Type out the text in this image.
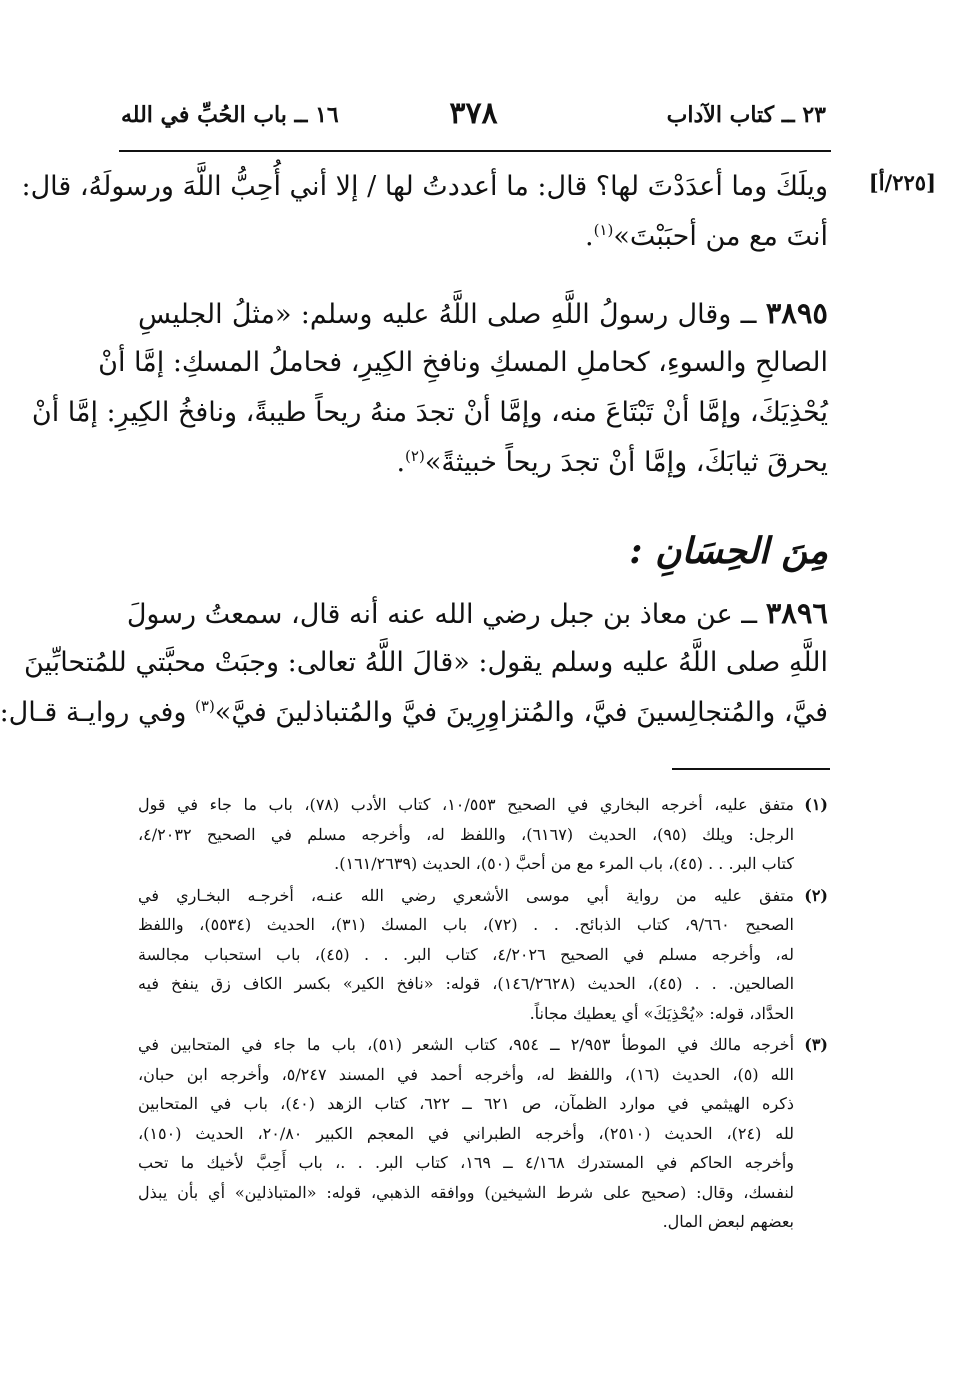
٢٣ ــ كتاب الآداب
٣٧٨
١٦ ــ باب الحُبِّ في الله
[٢٢٥/أ]
ويلَكَ وما أعدَدْتَ لها؟ قال: ما أعددتُ لها / إلا أني أُحِبُّ اللَّهَ ورسولَهُ، قال:
أنتَ مع من أحبَبْتَ»$^{(١)}$.
٣٨٩٥ ــ وقال رسولُ اللَّهِ صلى اللَّهُ عليه وسلم: «مثلُ الجليسِ
الصالحِ والسوءِ، كحاملِ المسكِ ونافخِ الكِيرِ، فحاملُ المسكِ: إمَّا أنْ
يُحْذِيَكَ، وإمَّا أنْ تَبْتَاعَ منه، وإمَّا أنْ تجدَ منهُ ريحاً طيبةً، ونافخُ الكِيرِ: إمَّا أنْ
يحرقَ ثيابَكَ، وإمَّا أنْ تجدَ ريحاً خبيثةً»$^{(٢)}$.
مِنَ الحِسَانِ :
٣٨٩٦ ــ عن معاذ بن جبل رضي الله عنه أنه قال، سمعتُ رسولَ
اللَّهِ صلى اللَّهُ عليه وسلم يقول: «قالَ اللَّهُ تعالى: وجبَتْ محبَّتي للمُتحابِّينَ
فيَّ، والمُتجالِسينَ فيَّ، والمُتزاوِرِينَ فيَّ والمُتباذلينَ فيَّ»$^{(٣)}$ وفي روايـة قـال:
(١)
متفق عليه، أخرجه البخاري في الصحيح ١٠/٥٥٣، كتاب الأدب (٧٨)، باب ما جاء في قول
الرجل: ويلك (٩٥)، الحديث (٦١٦٧)، واللفظ له، وأخرجه مسلم في الصحيح ٤/٢٠٣٢،
كتاب البر. . . (٤٥)، باب المرء مع من أحبَّ (٥٠)، الحديث (١٦١/٢٦٣٩).
(٢)
متفق عليه من رواية أبي موسى الأشعري رضي الله عنـه، أخرجـه البخـاري في
الصحيح ٩/٦٦٠، كتاب الذبائح. . . (٧٢)، باب المسك (٣١)، الحديث (٥٥٣٤)، واللفظ
له، وأخرجه مسلم في الصحيح ٤/٢٠٢٦، كتاب البر. . . (٤٥)، باب استحباب مجالسة
الصالحين. . . (٤٥)، الحديث (١٤٦/٢٦٢٨)، قوله: «نافخ الكير» بكسر الكاف زق ينفخ فيه
الحدَّاد، قوله: «يُحْذِيَكَ» أي يعطيك مجاناً.
(٣)
أخرجه مالك في الموطأ ٢/٩٥٣ ــ ٩٥٤، كتاب الشعر (٥١)، باب ما جاء في المتحابين في
الله (٥)، الحديث (١٦)، واللفظ له، وأخرجه أحمد في المسند ٥/٢٤٧، وأخرجه ابن حبان،
ذكره الهيثمي في موارد الظمآن، ص ٦٢١ ــ ٦٢٢، كتاب الزهد (٤٠)، باب في المتحابين
لله (٢٤)، الحديث (٢٥١٠)، وأخرجه الطبراني في المعجم الكبير ٢٠/٨٠، الحديث (١٥٠)،
وأخرجه الحاكم في المستدرك ٤/١٦٨ ــ ١٦٩، كتاب البر. . .، باب أَحِبَّ لأخيك ما تحب
لنفسك، وقال: (صحيح على شرط الشيخين) ووافقه الذهبي، قوله: «المتباذلين» أي بأن يبذل
بعضهم لبعض المال.
